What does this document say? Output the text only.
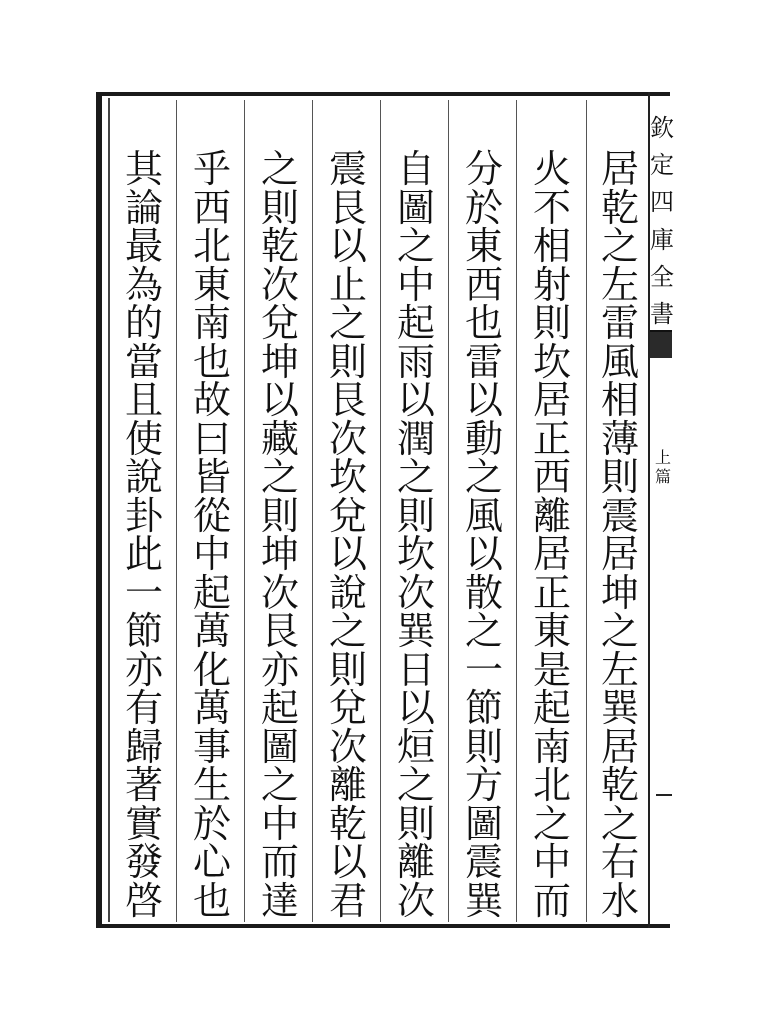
居
乾
之
左
雷
風
相
薄
則
震
居
坤
之
左
巽
居
乾
之
右
水
火
不
相
射
則
坎
居
正
西
離
居
正
東
是
起
南
北
之
中
而
分
於
東
西
也
雷
以
動
之
風
以
散
之
一
節
則
方
圖
震
巽
自
圖
之
中
起
雨
以
潤
之
則
坎
次
巽
日
以
烜
之
則
離
次
震
艮
以
止
之
則
艮
次
坎
兌
以
說
之
則
兌
次
離
乾
以
君
之
則
乾
次
兌
坤
以
藏
之
則
坤
次
艮
亦
起
圖
之
中
而
達
乎
西
北
東
南
也
故
曰
皆
從
中
起
萬
化
萬
事
生
於
心
也
其
論
最
為
的
當
且
使
說
卦
此
一
節
亦
有
歸
著
實
發
啓
欽
定
四
庫
全
書
上
篇
